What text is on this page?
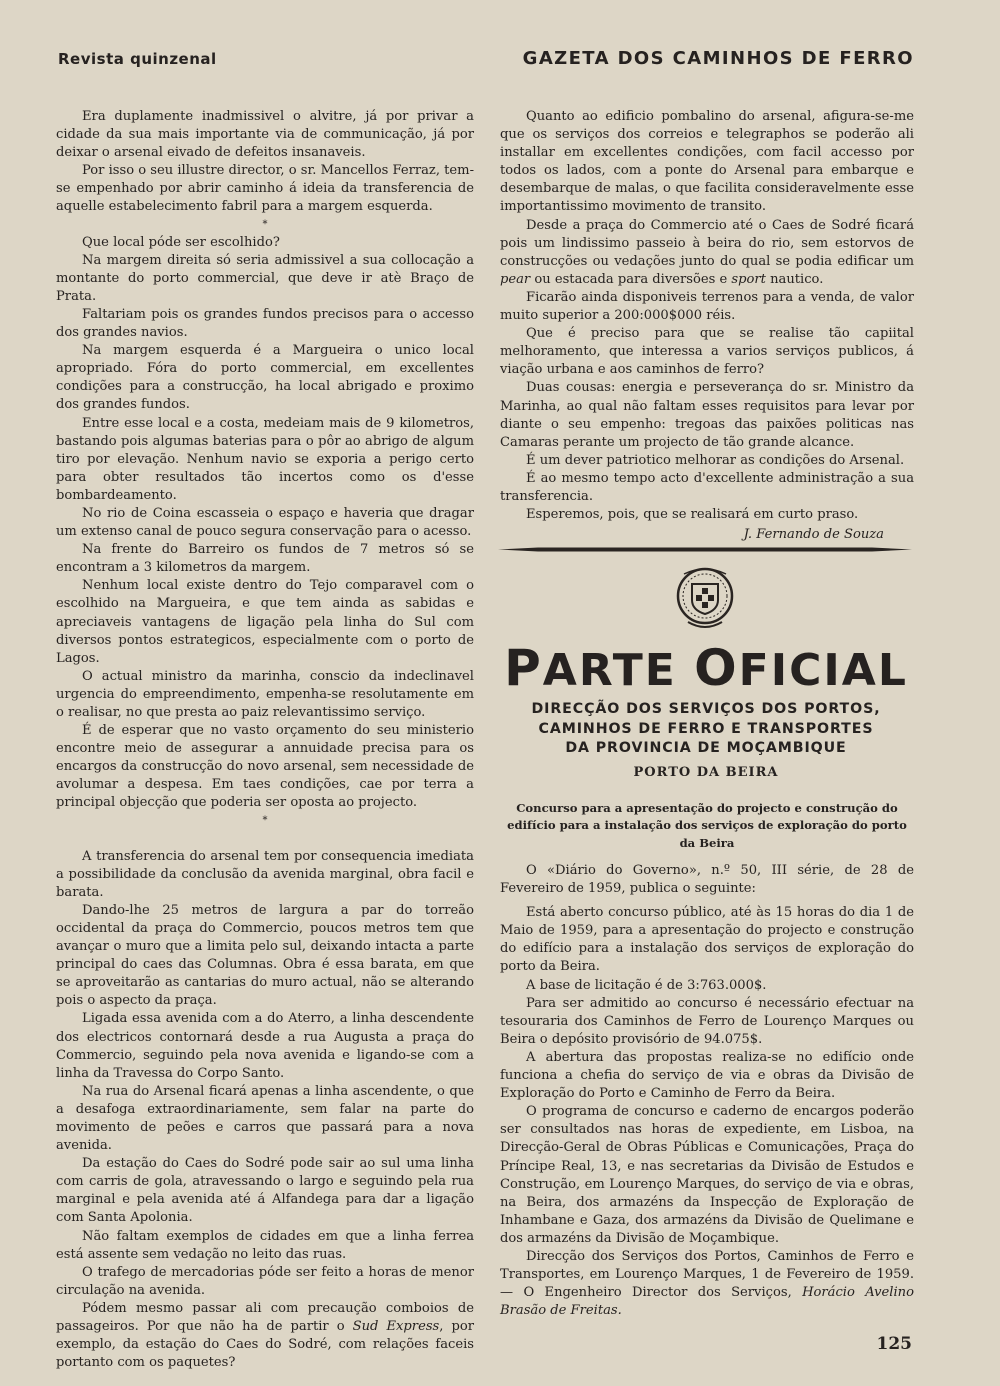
Revista quinzenal	GAZETA DOS CAMINHOS DE FERRO

Era duplamente inadmissivel o alvitre, já por privar a cidade da sua mais importante via de communicação, já por deixar o arsenal eivado de defeitos insanaveis.

Por isso o seu illustre director, o sr. Mancellos Ferraz, tem-se empenhado por abrir caminho á ideia da transferencia de aquelle estabelecimento fabril para a margem esquerda.

*

Que local póde ser escolhido?

Na margem direita só seria admissivel a sua collocação a montante do porto commercial, que deve ir atè Braço de Prata.

Faltariam pois os grandes fundos precisos para o accesso dos grandes navios.

Na margem esquerda é a Margueira o unico local apropriado. Fóra do porto commercial, em excellentes condições para a construcção, ha local abrigado e proximo dos grandes fundos.

Entre esse local e a costa, medeiam mais de 9 kilometros, bastando pois algumas baterias para o pôr ao abrigo de algum tiro por elevação. Nenhum navio se exporia a perigo certo para obter resultados tão incertos como os d'esse bombardeamento.

No rio de Coina escasseia o espaço e haveria que dragar um extenso canal de pouco segura conservação para o acesso.

Na frente do Barreiro os fundos de 7 metros só se encontram a 3 kilometros da margem.

Nenhum local existe dentro do Tejo comparavel com o escolhido na Margueira, e que tem ainda as sabidas e apreciaveis vantagens de ligação pela linha do Sul com diversos pontos estrategicos, especialmente com o porto de Lagos.

O actual ministro da marinha, conscio da indeclinavel urgencia do empreendimento, empenha-se resolutamente em o realisar, no que presta ao paiz relevantissimo serviço.

É de esperar que no vasto orçamento do seu ministerio encontre meio de assegurar a annuidade precisa para os encargos da construcção do novo arsenal, sem necessidade de avolumar a despesa. Em taes condições, cae por terra a principal objecção que poderia ser oposta ao projecto.

*

A transferencia do arsenal tem por consequencia imediata a possibilidade da conclusão da avenida marginal, obra facil e barata.

Dando-lhe 25 metros de largura a par do torreão occidental da praça do Commercio, poucos metros tem que avançar o muro que a limita pelo sul, deixando intacta a parte principal do caes das Columnas. Obra é essa barata, em que se aproveitarão as cantarias do muro actual, não se alterando pois o aspecto da praça.

Ligada essa avenida com a do Aterro, a linha descendente dos electricos contornará desde a rua Augusta a praça do Commercio, seguindo pela nova avenida e ligando-se com a linha da Travessa do Corpo Santo.

Na rua do Arsenal ficará apenas a linha ascendente, o que a desafoga extraordinariamente, sem falar na parte do movimento de peões e carros que passará para a nova avenida.

Da estação do Caes do Sodré pode sair ao sul uma linha com carris de gola, atravessando o largo e seguindo pela rua marginal e pela avenida até á Alfandega para dar a ligação com Santa Apolonia.

Não faltam exemplos de cidades em que a linha ferrea está assente sem vedação no leito das ruas.

O trafego de mercadorias póde ser feito a horas de menor circulação na avenida.

Pódem mesmo passar ali com precaução comboios de passageiros. Por que não ha de partir o Sud Express, por exemplo, da estação do Caes do Sodré, com relações faceis portanto com os paquetes?

Quanto ao edificio pombalino do arsenal, afigura-se-me que os serviços dos correios e telegraphos se poderão ali installar em excellentes condições, com facil accesso por todos os lados, com a ponte do Arsenal para embarque e desembarque de malas, o que facilita consideravelmente esse importantissimo movimento de transito.

Desde a praça do Commercio até o Caes de Sodré ficará pois um lindissimo passeio à beira do rio, sem estorvos de construcções ou vedações junto do qual se podia edificar um pear ou estacada para diversões e sport nautico.

Ficarão ainda disponiveis terrenos para a venda, de valor muito superior a 200:000$000 réis.

Que é preciso para que se realise tão capiital melhoramento, que interessa a varios serviços publicos, á viação urbana e aos caminhos de ferro?

Duas cousas: energia e perseverança do sr. Ministro da Marinha, ao qual não faltam esses requisitos para levar por diante o seu empenho: tregoas das paixões politicas nas Camaras perante um projecto de tão grande alcance.

É um dever patriotico melhorar as condições do Arsenal.

É ao mesmo tempo acto d'excellente administração a sua transferencia.

Esperemos, pois, que se realisará em curto praso.

J. Fernando de Souza
PARTE OFICIAL
DIRECÇÃO DOS SERVIÇOS DOS PORTOS,
CAMINHOS DE FERRO E TRANSPORTES
DA PROVINCIA DE MOÇAMBIQUE
PORTO DA BEIRA
Concurso para a apresentação do projecto e construção do edifício para a instalação dos serviços de exploração do porto da Beira

O «Diário do Governo», n.º 50, III série, de 28 de Fevereiro de 1959, publica o seguinte:

Está aberto concurso público, até às 15 horas do dia 1 de Maio de 1959, para a apresentação do projecto e construção do edifício para a instalação dos serviços de exploração do porto da Beira.

A base de licitação é de 3:763.000$.

Para ser admitido ao concurso é necessário efectuar na tesouraria dos Caminhos de Ferro de Lourenço Marques ou Beira o depósito provisório de 94.075$.

A abertura das propostas realiza-se no edifício onde funciona a chefia do serviço de via e obras da Divisão de Exploração do Porto e Caminho de Ferro da Beira.

O programa de concurso e caderno de encargos poderão ser consultados nas horas de expediente, em Lisboa, na Direcção-Geral de Obras Públicas e Comunicações, Praça do Príncipe Real, 13, e nas secretarias da Divisão de Estudos e Construção, em Lourenço Marques, do serviço de via e obras, na Beira, dos armazéns da Inspecção de Exploração de Inhambane e Gaza, dos armazéns da Divisão de Quelimane e dos armazéns da Divisão de Moçambique.

Direcção dos Serviços dos Portos, Caminhos de Ferro e Transportes, em Lourenço Marques, 1 de Fevereiro de 1959. — O Engenheiro Director dos Serviços, Horácio Avelino Brasão de Freitas.

125
